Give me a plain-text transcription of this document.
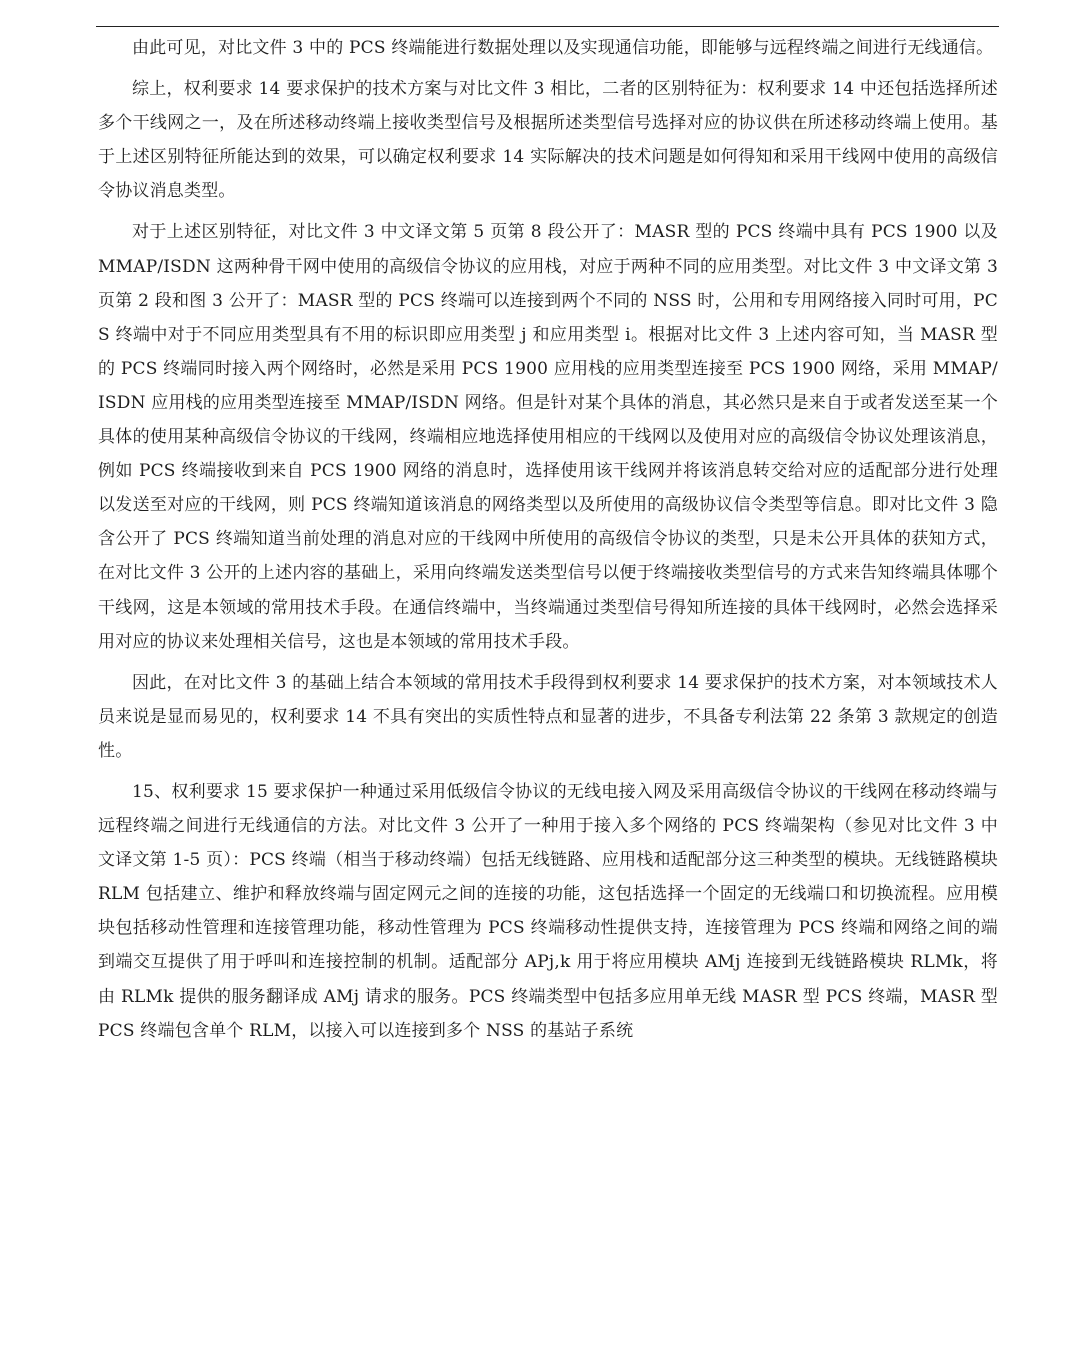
由此可见，对比文件 3 中的 PCS 终端能进行数据处理以及实现通信功能，即能够与远程终端之间进行无线通信。

综上，权利要求 14 要求保护的技术方案与对比文件 3 相比，二者的区别特征为：权利要求 14 中还包括选择所述多个干线网之一，及在所述移动终端上接收类型信号及根据所述类型信号选择对应的协议供在所述移动终端上使用。基于上述区别特征所能达到的效果，可以确定权利要求 14 实际解决的技术问题是如何得知和采用干线网中使用的高级信令协议消息类型。

对于上述区别特征，对比文件 3 中文译文第 5 页第 8 段公开了：MASR 型的 PCS 终端中具有 PCS 1900 以及 MMAP/ISDN 这两种骨干网中使用的高级信令协议的应用栈，对应于两种不同的应用类型。对比文件 3 中文译文第 3 页第 2 段和图 3 公开了：MASR 型的 PCS 终端可以连接到两个不同的 NSS 时，公用和专用网络接入同时可用，PCS 终端中对于不同应用类型具有不用的标识即应用类型 j 和应用类型 i。根据对比文件 3 上述内容可知，当 MASR 型的 PCS 终端同时接入两个网络时，必然是采用 PCS 1900 应用栈的应用类型连接至 PCS 1900 网络，采用 MMAP/ISDN 应用栈的应用类型连接至 MMAP/ISDN 网络。但是针对某个具体的消息，其必然只是来自于或者发送至某一个具体的使用某种高级信令协议的干线网，终端相应地选择使用相应的干线网以及使用对应的高级信令协议处理该消息，例如 PCS 终端接收到来自 PCS 1900 网络的消息时，选择使用该干线网并将该消息转交给对应的适配部分进行处理以发送至对应的干线网，则 PCS 终端知道该消息的网络类型以及所使用的高级协议信令类型等信息。即对比文件 3 隐含公开了 PCS 终端知道当前处理的消息对应的干线网中所使用的高级信令协议的类型，只是未公开具体的获知方式，在对比文件 3 公开的上述内容的基础上，采用向终端发送类型信号以便于终端接收类型信号的方式来告知终端具体哪个干线网，这是本领域的常用技术手段。在通信终端中，当终端通过类型信号得知所连接的具体干线网时，必然会选择采用对应的协议来处理相关信号，这也是本领域的常用技术手段。

因此，在对比文件 3 的基础上结合本领域的常用技术手段得到权利要求 14 要求保护的技术方案，对本领域技术人员来说是显而易见的，权利要求 14 不具有突出的实质性特点和显著的进步，不具备专利法第 22 条第 3 款规定的创造性。

15、权利要求 15 要求保护一种通过采用低级信令协议的无线电接入网及采用高级信令协议的干线网在移动终端与远程终端之间进行无线通信的方法。对比文件 3 公开了一种用于接入多个网络的 PCS 终端架构（参见对比文件 3 中文译文第 1-5 页）：PCS 终端（相当于移动终端）包括无线链路、应用栈和适配部分这三种类型的模块。无线链路模块 RLM 包括建立、维护和释放终端与固定网元之间的连接的功能，这包括选择一个固定的无线端口和切换流程。应用模块包括移动性管理和连接管理功能，移动性管理为 PCS 终端移动性提供支持，连接管理为 PCS 终端和网络之间的端到端交互提供了用于呼叫和连接控制的机制。适配部分 APj,k 用于将应用模块 AMj 连接到无线链路模块 RLMk，将由 RLMk 提供的服务翻译成 AMj 请求的服务。PCS 终端类型中包括多应用单无线 MASR 型 PCS 终端，MASR 型 PCS 终端包含单个 RLM，以接入可以连接到多个 NSS 的基站子系统
